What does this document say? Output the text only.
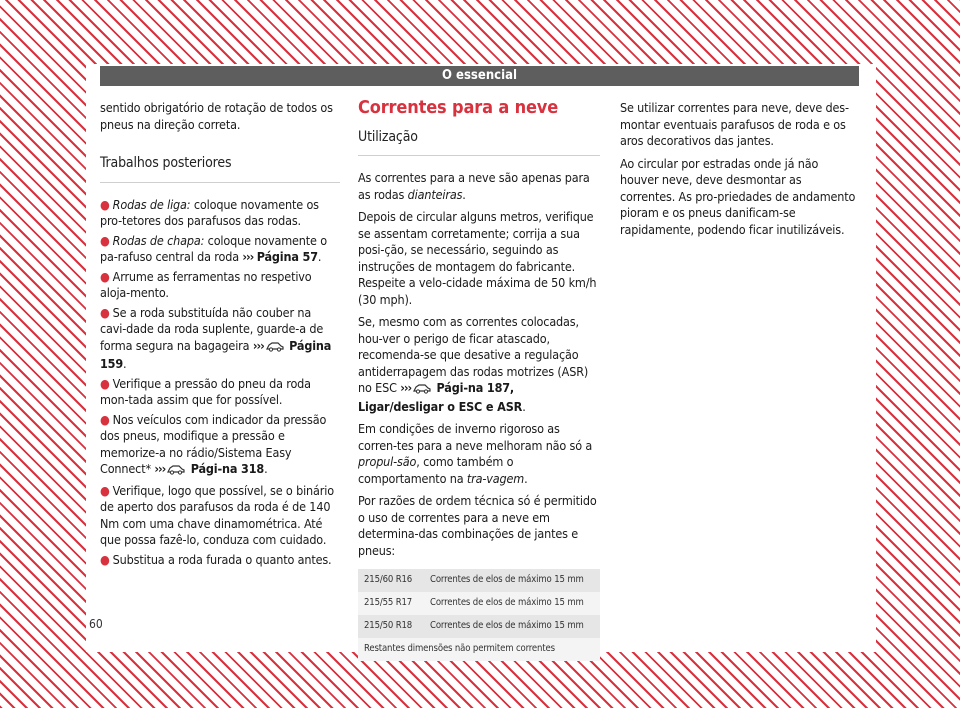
O essencial

sentido obrigatório de rotação de todos os pneus na direção correta.

Trabalhos posteriores
● Rodas de liga: coloque novamente os pro-tetores dos parafusos das rodas.
● Rodas de chapa: coloque novamente o pa-rafuso central da roda ››› Página 57.
● Arrume as ferramentas no respetivo aloja-mento.
● Se a roda substituída não couber na cavi-dade da roda suplente, guarde-a de forma segura na bagageira ››› Página 159.
● Verifique a pressão do pneu da roda mon-tada assim que for possível.
● Nos veículos com indicador da pressão dos pneus, modifique a pressão e memorize-a no rádio/Sistema Easy Connect* ››› Pági-na 318.
● Verifique, logo que possível, se o binário de aperto dos parafusos da roda é de 140 Nm com uma chave dinamométrica. Até que possa fazê-lo, conduza com cuidado.
● Substitua a roda furada o quanto antes.
Correntes para a neve
Utilização

As correntes para a neve são apenas para as rodas dianteiras.

Depois de circular alguns metros, verifique se assentam corretamente; corrija a sua posi-ção, se necessário, seguindo as instruções de montagem do fabricante. Respeite a velo-cidade máxima de 50 km/h (30 mph).

Se, mesmo com as correntes colocadas, hou-ver o perigo de ficar atascado, recomenda-se que desative a regulação antiderrapagem das rodas motrizes (ASR) no ESC ››› Pági-na 187, Ligar/desligar o ESC e ASR.

Em condições de inverno rigoroso as corren-tes para a neve melhoram não só a propul-são, como também o comportamento na tra-vagem.

Por razões de ordem técnica só é permitido o uso de correntes para a neve em determina-das combinações de jantes e pneus:

215/60 R16	Correntes de elos de máximo 15 mm
215/55 R17	Correntes de elos de máximo 15 mm
215/50 R18	Correntes de elos de máximo 15 mm
Restantes dimensões não permitem correntes	

Se utilizar correntes para neve, deve des-montar eventuais parafusos de roda e os aros decorativos das jantes.

Ao circular por estradas onde já não houver neve, deve desmontar as correntes. As pro-priedades de andamento pioram e os pneus danificam-se rapidamente, podendo ficar inutilizáveis.

60
